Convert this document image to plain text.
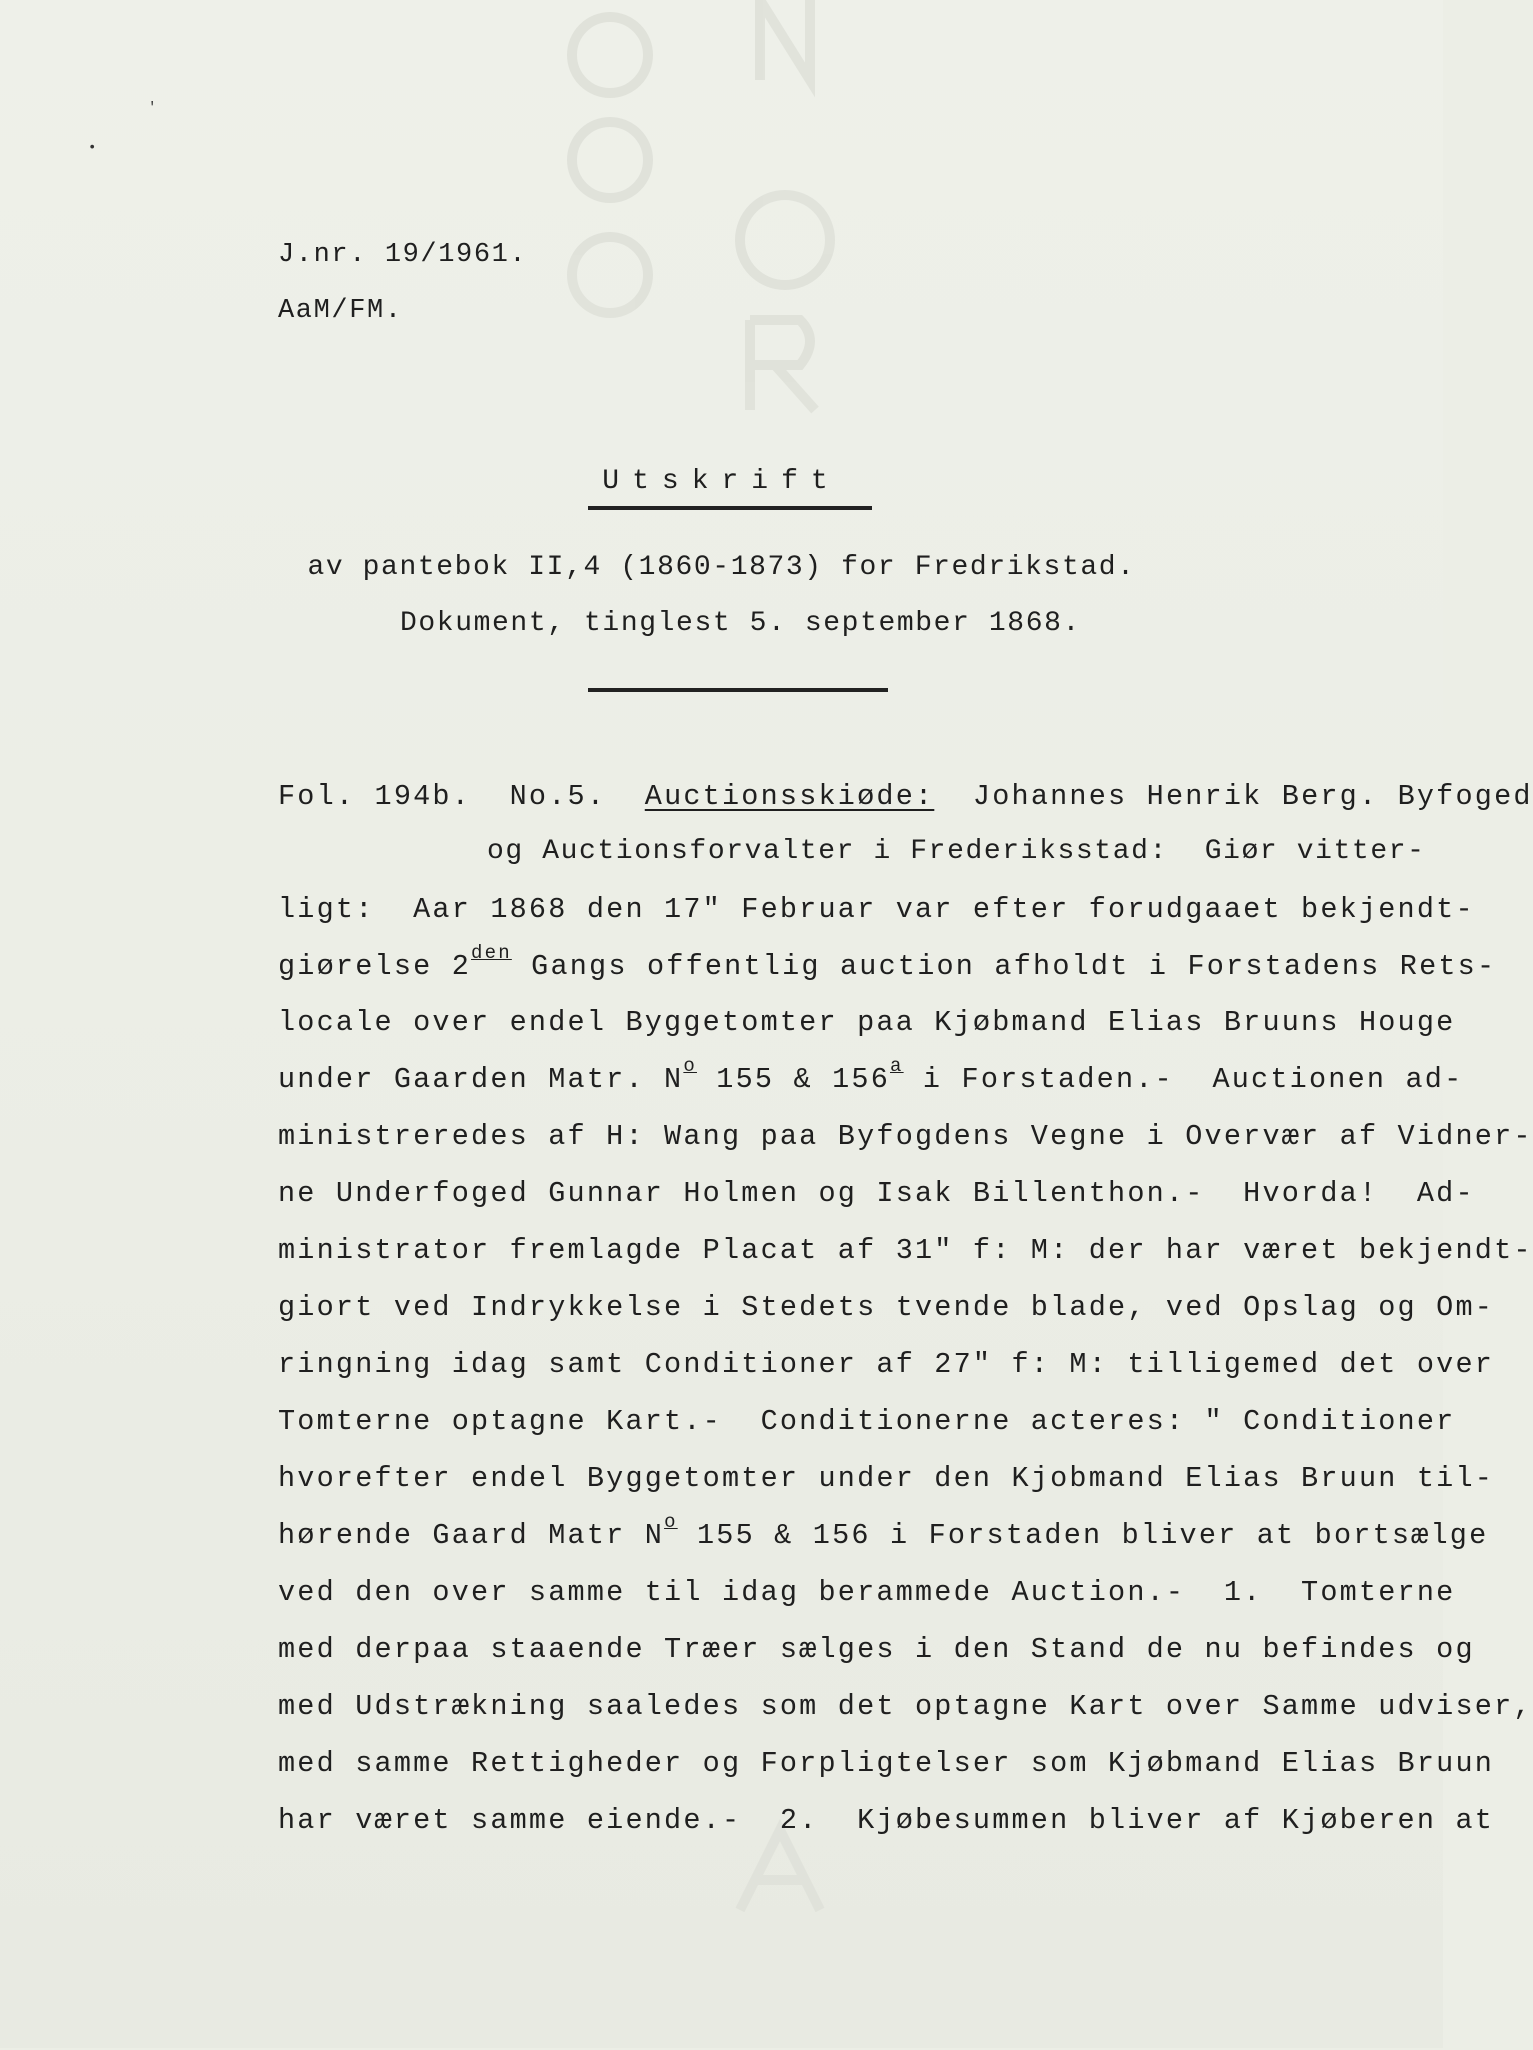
'
•
J.nr. 19/1961.
AaM/FM.
Utskrift
av pantebok II,4 (1860-1873) for Fredrikstad.
Dokument, tinglest 5. september 1868.
Fol. 194b.  No.5.  Auctionsskiøde:  Johannes Henrik Berg. Byfoged
og Auctionsforvalter i Frederiksstad:  Giør vitter-
ligt:  Aar 1868 den 17" Februar var efter forudgaaet bekjendt-
giørelse $2^{den}$ Gangs offentlig auction afholdt i Forstadens Rets-
locale over endel Byggetomter paa Kjøbmand Elias Bruuns Houge
under Gaarden Matr. $N^o$ 155 & 156$^a$ i Forstaden.-  Auctionen ad-
ministreredes af H: Wang paa Byfogdens Vegne i Overvær af Vidner-
ne Underfoged Gunnar Holmen og Isak Billenthon.-  Hvorda!  Ad-
ministrator fremlagde Placat af 31" f: M: der har været bekjendt-
giort ved Indrykkelse i Stedets tvende blade, ved Opslag og Om-
ringning idag samt Conditioner af 27" f: M: tilligemed det over
Tomterne optagne Kart.-  Conditionerne acteres: " Conditioner
hvorefter endel Byggetomter under den Kjobmand Elias Bruun til-
hørende Gaard Matr $N^o$ 155 & 156 i Forstaden bliver at bortsælge
ved den over samme til idag berammede Auction.-  1.  Tomterne
med derpaa staaende Træer sælges i den Stand de nu befindes og
med Udstrækning saaledes som det optagne Kart over Samme udviser,
med samme Rettigheder og Forpligtelser som Kjøbmand Elias Bruun
har været samme eiende.-  2.  Kjøbesummen bliver af Kjøberen at
